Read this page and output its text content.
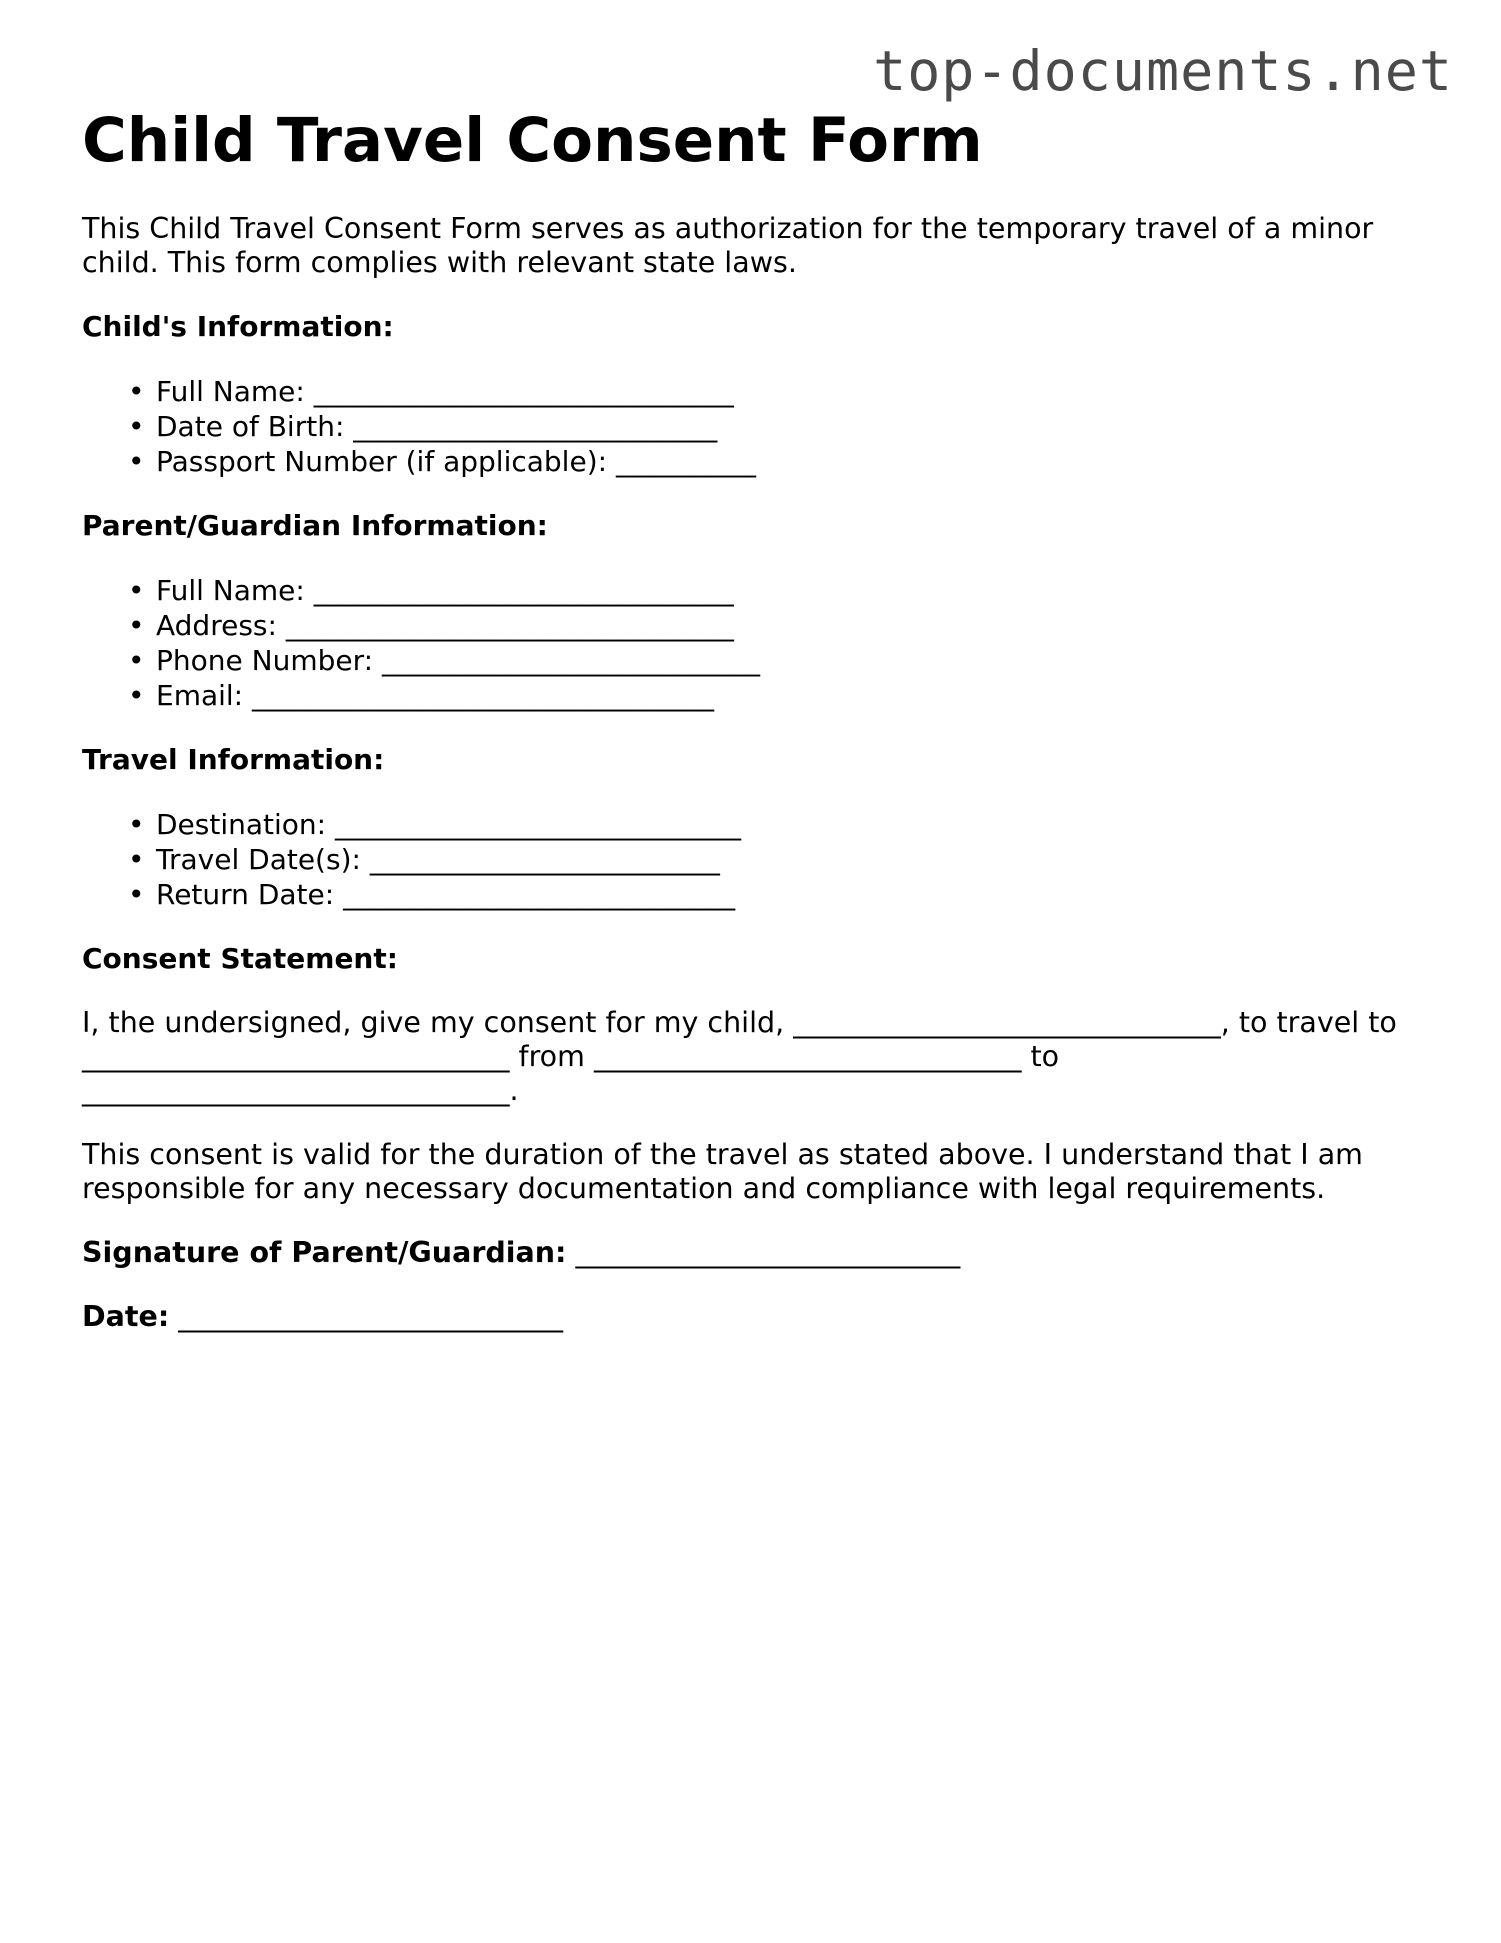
top-documents.net
Child Travel Consent Form

This Child Travel Consent Form serves as authorization for the temporary travel of a minor child. This form complies with relevant state laws.

Child's Information:
• Full Name: ______________________________
• Date of Birth: __________________________
• Passport Number (if applicable): __________
Parent/Guardian Information:
• Full Name: ______________________________
• Address: ________________________________
• Phone Number: ___________________________
• Email: _________________________________
Travel Information:
• Destination: _____________________________
• Travel Date(s): _________________________
• Return Date: ____________________________
Consent Statement:

I, the undersigned, give my consent for my child, ______________________________, to travel to ______________________________ from ______________________________ to ______________________________.

This consent is valid for the duration of the travel as stated above. I understand that I am responsible for any necessary documentation and compliance with legal requirements.

Signature of Parent/Guardian: ___________________________
Date: ___________________________
